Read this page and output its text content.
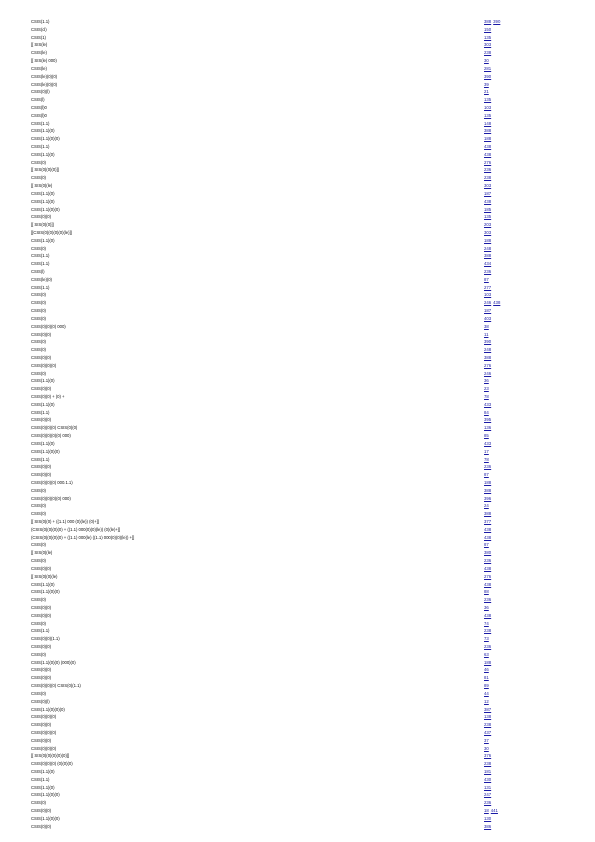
CSIS(1.1)	388 390
CSIS(cl)	150
CSIS(1)	135
[[ SIS(le)	303
CSIS(le)	238
[[ SIS(le) 000)	30
CSIS(le)	281
CSIS(le)(0)(0)	390
CSIS(le)(0)(0)	39
CSIS(0)(l)	21
CSIS(l)	135
CSIS(l)0	103
CSIS(l)0	135
CSIS(1.1)	148
CSIS(1.1)(0)	388
CSIS(1.1)(0)(0)	188
CSIS(1.1)	438
CSIS(1.1)(0)	438
CSIS(0)	276
[[ SIS(0)(0)(0)]]	236
CSIS(0)	238
[[ SIS(0)(le)	303
CSIS(1.1)(0)	187
CSIS(1.1)(0)	438
CSIS(1.1)(0)(0)	185
CSIS(0)(0)	135
[[ SIS(0)(0)]]	203
[[CSIS(0)(0)(0)(0)(le)]]	303
CSIS(1.1)(0)	188
CSIS(0)	248
CSIS(1.1)	388
CSIS(1.1)	434
CSIS(l)	236
CSIS(le)(0)	87
CSIS(1.1)	277
CSIS(0)	103
CSIS(0)	246 438
CSIS(0)	187
CSIS(0)	403
CSIS(0)(0)(0) 000)	38
CSIS(0)(0)	11
CSIS(0)	390
CSIS(0)	248
CSIS(0)(0)	388
CSIS(0)(0)(0)	276
CSIS(0)	246
CSIS(1.1)(0)	36
CSIS(0)(0)	23
CSIS(0)(0) + (0) +	78
CSIS(1.1)(0)	433
CSIS(1.1)	84
CSIS(0)(0)	395
CSIS(0)(0)(0) CSIS(0)(0)	136
CSIS(0)(0)(0)(0) 000)	85
CSIS(1.1)(0)	433
CSIS(1.1)(0)(0)	17
CSIS(1.1)	78
CSIS(0)(0)	236
CSIS(0)(0)	87
CSIS(0)(0)(0) 000.1.1)	188
CSIS(0)	388
CSIS(0)(0)(0)(0) 000)	396
CSIS(0)	24
CSIS(0)	388
[[ SIS(0)(0) + ((1.1) 000 (0)(le)) (0)+]]	377
(CSIS(0)(0)(0)(0) + ((1.1) 000(0)(0)(le)) (0)(le)+]]	438
(CSIS(0)(0)(0)(0) + ((1.1) 000(le) ((1.1) 000(0)(0)(le)) +]]	438
CSIS(0)	87
[[ SIS(0)(le)	380
CSIS(0)	236
CSIS(0)(0)	438
[[ SIS(0)(0)(le)	276
CSIS(1.1)(0)	438
CSIS(1.1)(0)(0)	88
CSIS(0)	236
CSIS(0)(0)	36
CSIS(0)(0)	438
CSIS(0)	74
CSIS(1.1)	238
CSIS(0)(0)(1.1)	73
CSIS(0)(0)	236
CSIS(0)	63
CSIS(1.1)(0)(0) (000)(0)	188
CSIS(0)(0)	46
CSIS(0)(0)	81
CSIS(0)(0)(0) CSIS(0)(1.1)	89
CSIS(0)	44
CSIS(0)(l)	12
CSIS(1.1)(0)(0)(0)	387
CSIS(0)(0)(0)	138
CSIS(0)(0)	238
CSIS(0)(0)(0)	437
CSIS(0)(0)	37
CSIS(0)(0)(0)	30
[[ SIS(0)(0)(0)(0)(0)]]	376
CSIS(0)(0)(0) (0)(0)(0)	238
CSIS(1.1)(0)	181
CSIS(1.1)	430
CSIS(1.1)(0)	131
CSIS(1.1)(0)(0)	247
CSIS(0)	236
CSIS(0)(0)	18 441
CSIS(1.1)(0)(0)	130
CSIS(0)(0)	386
